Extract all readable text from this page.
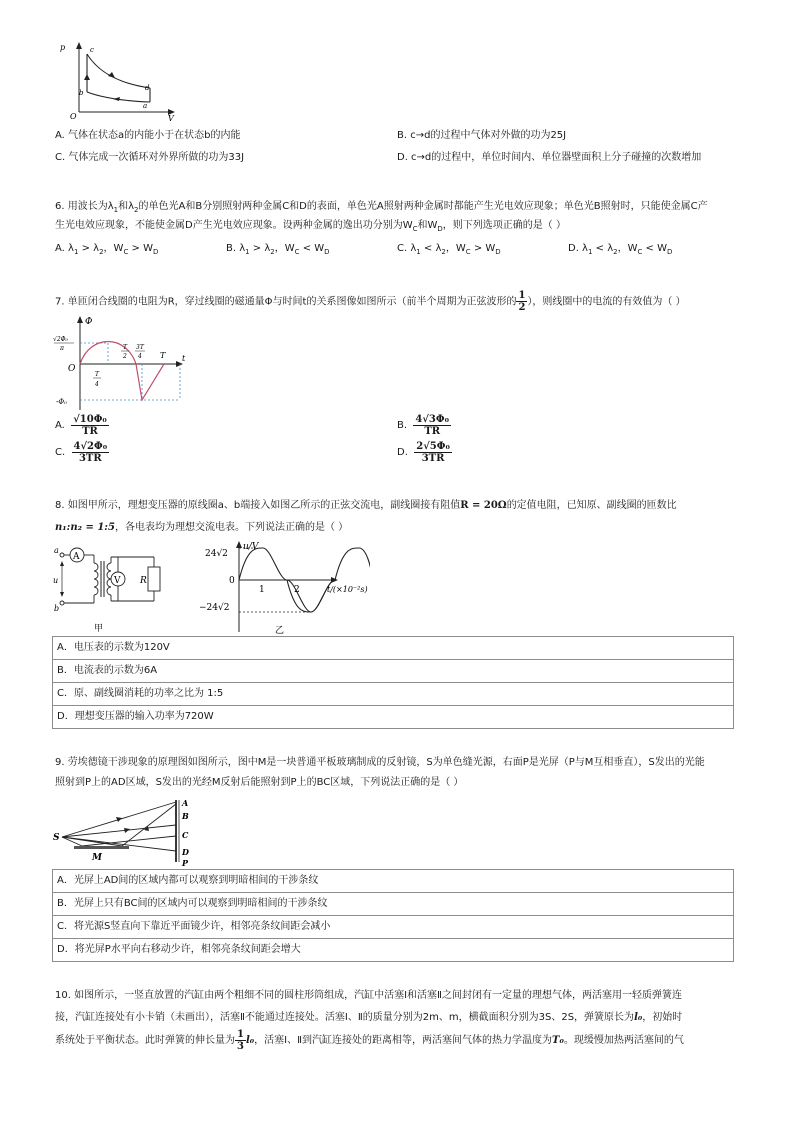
p
V
O
c
b
d
a
A. 气体在状态a的内能小于在状态b的内能	B. c→d的过程中气体对外做的功为25J
C. 气体完成一次循环对外界所做的功为33J	D. c→d的过程中，单位时间内、单位器壁面积上分子碰撞的次数增加
6. 用波长为$\lambda_1$和$\lambda_2$的单色光A和B分别照射两种金属C和D的表面，单色光A照射两种金属时都能产生光电效应现象；单色光B照射时，只能使金属C产
生光电效应现象，不能使金属D产生光电效应现象。设两种金属的逸出功分别为$W_C$和$W_D$，则下列选项正确的是（ ）
A. $\lambda_1 > \lambda_2$，$W_C > W_D$	B. $\lambda_1 > \lambda_2$，$W_C < W_D$	C. $\lambda_1 < \lambda_2$，$W_C > W_D$	D. $\lambda_1 < \lambda_2$，$W_C < W_D$
7. 单匝闭合线圈的电阻为R，穿过线圈的磁通量Φ与时间t的关系图像如图所示（前半个周期为正弦波形的 $\frac{1}{2}$ ），则线圈中的电流的有效值为（ ）
Φ
t
O
√2Φ₀
π
-Φ₀
T
2
3T
4 T
T
4
A. $\frac{\text{√10Φ₀}}{TR}$	B. $\frac{\text{4√3Φ₀}}{TR}$
C. $\frac{\text{4√2Φ₀}}{3TR}$	D. $\frac{\text{2√5Φ₀}}{3TR}$
8. 如图甲所示，理想变压器的原线圈a、b端接入如图乙所示的正弦交流电，副线圈接有阻值R = 20Ω的定值电阻，已知原、副线圈的匝数比
n₁:n₂ = 1:5，各电表均为理想交流电表。下列说法正确的是（ ）
A
V R
a
b
u
甲
u/V
24√2
−24√2
0
1	2	t/(×10⁻²s)
乙
A．电压表的示数为120V
B．电流表的示数为6A
C．原、副线圈消耗的功率之比为 1:5
D．理想变压器的输入功率为720W
9. 劳埃德镜干涉现象的原理图如图所示，图中M是一块普通平板玻璃制成的反射镜，S为单色缝光源，右面P是光屏（P与M互相垂直），S发出的光能
照射到P上的AD区域，S发出的光经M反射后能照射到P上的BC区域，下列说法正确的是（ ）
S
M
A
B
C
D
P
A．光屏上AD间的区域内都可以观察到明暗相间的干涉条纹
B．光屏上只有BC间的区域内可以观察到明暗相间的干涉条纹
C．将光源S竖直向下靠近平面镜少许，相邻亮条纹间距会减小
D．将光屏P水平向右移动少许，相邻亮条纹间距会增大
10. 如图所示，一竖直放置的汽缸由两个粗细不同的圆柱形筒组成，汽缸中活塞Ⅰ和活塞Ⅱ之间封闭有一定量的理想气体，两活塞用一轻质弹簧连
接，汽缸连接处有小卡销（未画出），活塞Ⅱ不能通过连接处。活塞Ⅰ、Ⅱ的质量分别为2m、m，横截面积分别为3S、2S，弹簧原长为l₀，初始时
系统处于平衡状态。此时弹簧的伸长量为 $\frac{1}{3} l_0$，活塞Ⅰ、Ⅱ到汽缸连接处的距离相等，两活塞间气体的热力学温度为T₀。现缓慢加热两活塞间的气
